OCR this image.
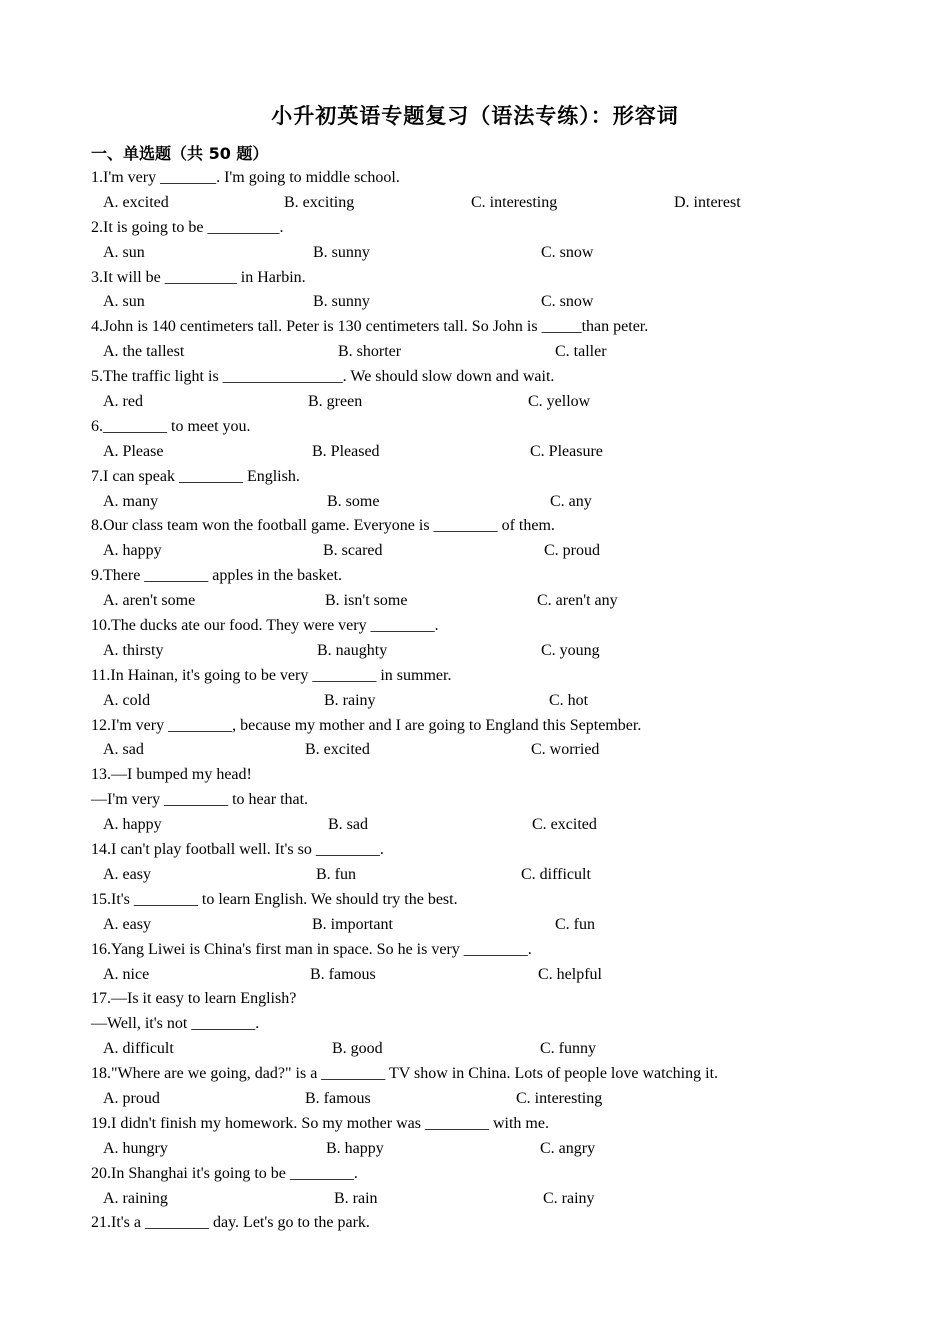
小升初英语专题复习（语法专练）：形容词
一、单选题（共 50 题）
1.I'm very _______. I'm going to middle school.
A. excited	B. exciting	C. interesting	D. interest
2.It is going to be _________.
A. sun	B. sunny	C. snow
3.It will be _________ in Harbin.
A. sun	B. sunny	C. snow
4.John is 140 centimeters tall. Peter is 130 centimeters tall. So John is _____than peter.
A. the tallest	B. shorter	C. taller
5.The traffic light is _______________. We should slow down and wait.
A. red	B. green	C. yellow
6.________ to meet you.
A. Please	B. Pleased	C. Pleasure
7.I can speak ________ English.
A. many	B. some	C. any
8.Our class team won the football game. Everyone is ________ of them.
A. happy	B. scared	C. proud
9.There ________ apples in the basket.
A. aren't some	B. isn't some	C. aren't any
10.The ducks ate our food. They were very ________.
A. thirsty	B. naughty	C. young
11.In Hainan, it's going to be very ________ in summer.
A. cold	B. rainy	C. hot
12.I'm very ________, because my mother and I are going to England this September.
A. sad	B. excited	C. worried
13.—I bumped my head!
—I'm very ________ to hear that.
A. happy	B. sad	C. excited
14.I can't play football well. It's so ________.
A. easy	B. fun	C. difficult
15.It's ________ to learn English. We should try the best.
A. easy	B. important	C. fun
16.Yang Liwei is China's first man in space. So he is very ________.
A. nice	B. famous	C. helpful
17.—Is it easy to learn English?
—Well, it's not ________.
A. difficult	B. good	C. funny
18."Where are we going, dad?" is a ________ TV show in China. Lots of people love watching it.
A. proud	B. famous	C. interesting
19.I didn't finish my homework. So my mother was ________ with me.
A. hungry	B. happy	C. angry
20.In Shanghai it's going to be ________.
A. raining	B. rain	C. rainy
21.It's a ________ day. Let's go to the park.
